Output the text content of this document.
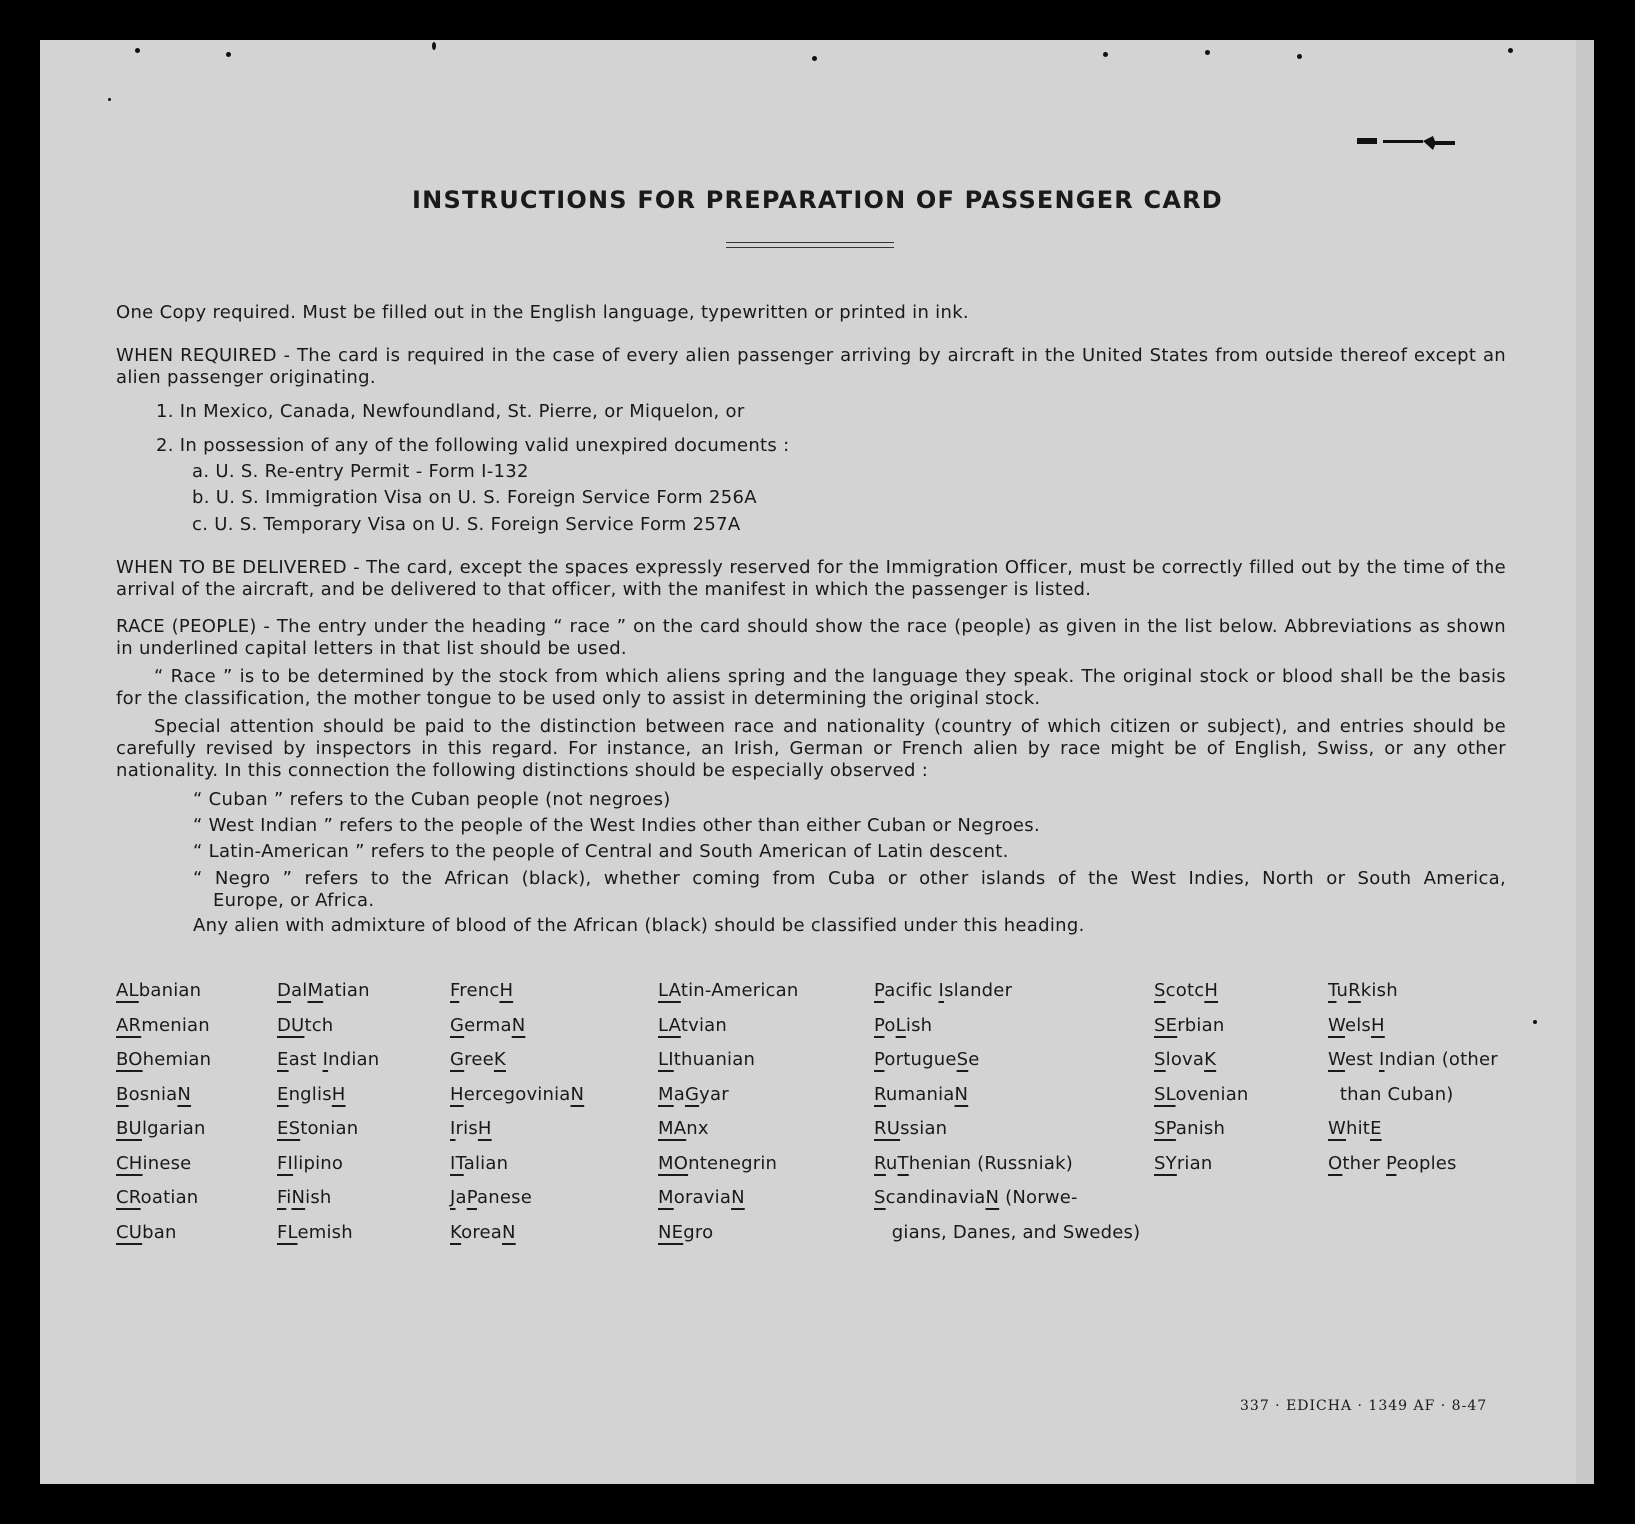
INSTRUCTIONS FOR PREPARATION OF PASSENGER CARD
One Copy required. Must be filled out in the English language, typewritten or printed in ink.
WHEN REQUIRED - The card is required in the case of every alien passenger arriving by aircraft in the United States from outside thereof except an alien passenger originating.
1. In Mexico, Canada, Newfoundland, St. Pierre, or Miquelon, or
2. In possession of any of the following valid unexpired documents :
a. U. S. Re-entry Permit - Form I-132
b. U. S. Immigration Visa on U. S. Foreign Service Form 256A
c. U. S. Temporary Visa on U. S. Foreign Service Form 257A
WHEN TO BE DELIVERED - The card, except the spaces expressly reserved for the Immigration Officer, must be correctly filled out by the time of the arrival of the aircraft, and be delivered to that officer, with the manifest in which the passenger is listed.
RACE (PEOPLE) - The entry under the heading “ race ” on the card should show the race (people) as given in the list below. Abbreviations as shown in underlined capital letters in that list should be used.
“ Race ” is to be determined by the stock from which aliens spring and the language they speak. The original stock or blood shall be the basis for the classification, the mother tongue to be used only to assist in determining the original stock.
Special attention should be paid to the distinction between race and nationality (country of which citizen or subject), and entries should be carefully revised by inspectors in this regard. For instance, an Irish, German or French alien by race might be of English, Swiss, or any other nationality. In this connection the following distinctions should be especially observed :
“ Cuban ” refers to the Cuban people (not negroes)
“ West Indian ” refers to the people of the West Indies other than either Cuban or Negroes.
“ Latin-American ” refers to the people of Central and South American of Latin descent.
“ Negro ” refers to the African (black), whether coming from Cuba or other islands of the West Indies, North or South America,
Europe, or Africa.
Any alien with admixture of blood of the African (black) should be classified under this heading.
ALbanian
ARmenian
BOhemian
BosniaN
BUlgarian
CHinese
CRoatian
CUban
DalMatian
DUtch
East Indian
EnglisH
EStonian
FIlipino
FiNish
FLemish
FrencH
GermaN
GreeK
HercegoviniaN
IrisH
ITalian
JaPanese
KoreaN
LAtin-American
LAtvian
LIthuanian
MaGyar
MAnx
MOntenegrin
MoraviaN
NEgro
Pacific Islander
PoLish
PortugueSe
RumaniaN
RUssian
RuThenian (Russniak)
ScandinaviaN (Norwe-
gians, Danes, and Swedes)
ScotcH
SErbian
SlovaK
SLovenian
SPanish
SYrian
TuRkish
WelsH
West Indian (other
than Cuban)
WhitE
Other Peoples
337 · EDICHA · 1349 AF · 8-47
